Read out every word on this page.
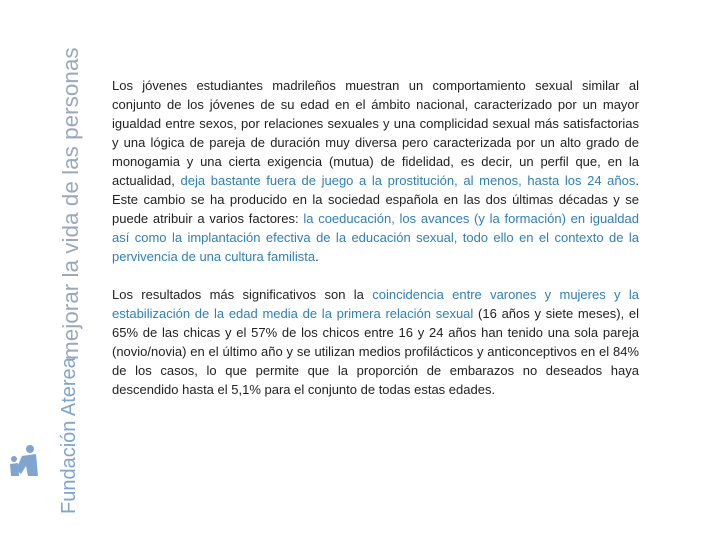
mejorar la vida de las personas
Fundación Aterea

Los jóvenes estudiantes madrileños muestran un comportamiento sexual similar al conjunto de los jóvenes de su edad en el ámbito nacional, caracterizado por un mayor igualdad entre sexos, por relaciones sexuales y una complicidad sexual más satisfactorias y una lógica de pareja de duración muy diversa pero caracterizada por un alto grado de monogamia y una cierta exigencia (mutua) de fidelidad, es decir, un perfil que, en la actualidad, deja bastante fuera de juego a la prostitución, al menos, hasta los 24 años. Este cambio se ha producido en la sociedad española en las dos últimas décadas y se puede atribuir a varios factores: la coeducación, los avances (y la formación) en igualdad así como la implantación efectiva de la educación sexual, todo ello en el contexto de la pervivencia de una cultura familista.

Los resultados más significativos son la coincidencia entre varones y mujeres y la estabilización de la edad media de la primera relación sexual (16 años y siete meses), el 65% de las chicas y el 57% de los chicos entre 16 y 24 años han tenido una sola pareja (novio/novia) en el último año y se utilizan medios profilácticos y anticonceptivos en el 84% de los casos, lo que permite que la proporción de embarazos no deseados haya descendido hasta el 5,1% para el conjunto de todas estas edades.
